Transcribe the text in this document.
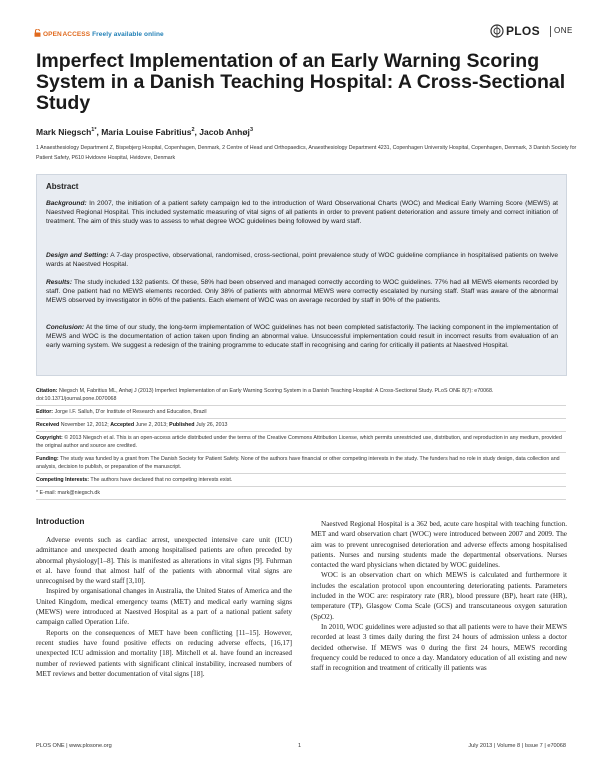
OPEN ACCESS Freely available online	PLOS ONE
Imperfect Implementation of an Early Warning Scoring System in a Danish Teaching Hospital: A Cross-Sectional Study
Mark Niegsch$^{1*}$, Maria Louise Fabritius$^2$, Jacob Anhøj$^3$
1 Anaesthesiology Department Z, Bispebjerg Hospital, Copenhagen, Denmark, 2 Centre of Head and Orthopaedics, Anaesthesiology Department 4231, Copenhagen University Hospital, Copenhagen, Denmark, 3 Danish Society for Patient Safety, P610 Hvidovre Hospital, Hvidovre, Denmark
Abstract
Background: In 2007, the initiation of a patient safety campaign led to the introduction of Ward Observational Charts (WOC) and Medical Early Warning Score (MEWS) at Naestved Regional Hospital. This included systematic measuring of vital signs of all patients in order to prevent patient deterioration and assure timely and correct initiation of treatment. The aim of this study was to assess to what degree WOC guidelines being followed by ward staff.
Design and Setting: A 7-day prospective, observational, randomised, cross-sectional, point prevalence study of WOC guideline compliance in hospitalised patients on twelve wards at Naestved Hospital.
Results: The study included 132 patients. Of these, 58% had been observed and managed correctly according to WOC guidelines. 77% had all MEWS elements recorded by staff. One patient had no MEWS elements recorded. Only 38% of patients with abnormal MEWS were correctly escalated by nursing staff. Staff was aware of the abnormal MEWS observed by investigator in 60% of the patients. Each element of WOC was on average recorded by staff in 90% of the patients.
Conclusion: At the time of our study, the long-term implementation of WOC guidelines has not been completed satisfactorily. The lacking component in the implementation of MEWS and WOC is the documentation of action taken upon finding an abnormal value. Unsuccessful implementation could result in incorrect results from evaluation of an early warning system. We suggest a redesign of the training programme to educate staff in recognising and caring for critically ill patients at Naestved Hospital.
Citation: Niegsch M, Fabritius ML, Anhøj J (2013) Imperfect Implementation of an Early Warning Scoring System in a Danish Teaching Hospital: A Cross-Sectional Study. PLoS ONE 8(7): e70068. doi:10.1371/journal.pone.0070068
Editor: Jorge I.F. Salluh, D'or Institute of Research and Education, Brazil
Received November 12, 2012; Accepted June 2, 2013; Published July 26, 2013
Copyright: © 2013 Niegsch et al. This is an open-access article distributed under the terms of the Creative Commons Attribution License, which permits unrestricted use, distribution, and reproduction in any medium, provided the original author and source are credited.
Funding: The study was funded by a grant from The Danish Society for Patient Safety. None of the authors have financial or other competing interests in the study. The funders had no role in study design, data collection and analysis, decision to publish, or preparation of the manuscript.
Competing Interests: The authors have declared that no competing interests exist.
* E-mail: mark@niegsch.dk
Introduction

Adverse events such as cardiac arrest, unexpected intensive care unit (ICU) admittance and unexpected death among hospitalised patients are often preceded by abnormal physiology[1–8]. This is manifested as alterations in vital signs [9]. Fuhrman et al. have found that almost half of the patients with abnormal vital signs are unrecognised by the ward staff [3,10].

Inspired by organisational changes in Australia, the United States of America and the United Kingdom, medical emergency teams (MET) and medical early warning signs (MEWS) were introduced at Naestved Hospital as a part of a national patient safety campaign called Operation Life.

Reports on the consequences of MET have been conflicting [11–15]. However, recent studies have found positive effects on reducing adverse effects, [16,17] unexpected ICU admission and mortality [18]. Mitchell et al. have found an increased number of reviewed patients with significant clinical instability, increased numbers of MET reviews and better documentation of vital signs [18].

Naestved Regional Hospital is a 362 bed, acute care hospital with teaching function. MET and ward observation chart (WOC) were introduced between 2007 and 2009. The aim was to prevent unrecognised deterioration and adverse effects among hospitalised patients. Nurses and nursing students made the departmental observations. Nurses contacted the ward physicians when dictated by WOC guidelines.

WOC is an observation chart on which MEWS is calculated and furthermore it includes the escalation protocol upon encountering deteriorating patients. Parameters included in the WOC are: respiratory rate (RR), blood pressure (BP), heart rate (HR), temperature (TP), Glasgow Coma Scale (GCS) and transcutaneous oxygen saturation (SpO2).

In 2010, WOC guidelines were adjusted so that all patients were to have their MEWS recorded at least 3 times daily during the first 24 hours of admission unless a doctor decided otherwise. If MEWS was 0 during the first 24 hours, MEWS recording frequency could be reduced to once a day. Mandatory education of all existing and new staff in recognition and treatment of critically ill patients was

PLOS ONE | www.plosone.org	1	July 2013 | Volume 8 | Issue 7 | e70068
